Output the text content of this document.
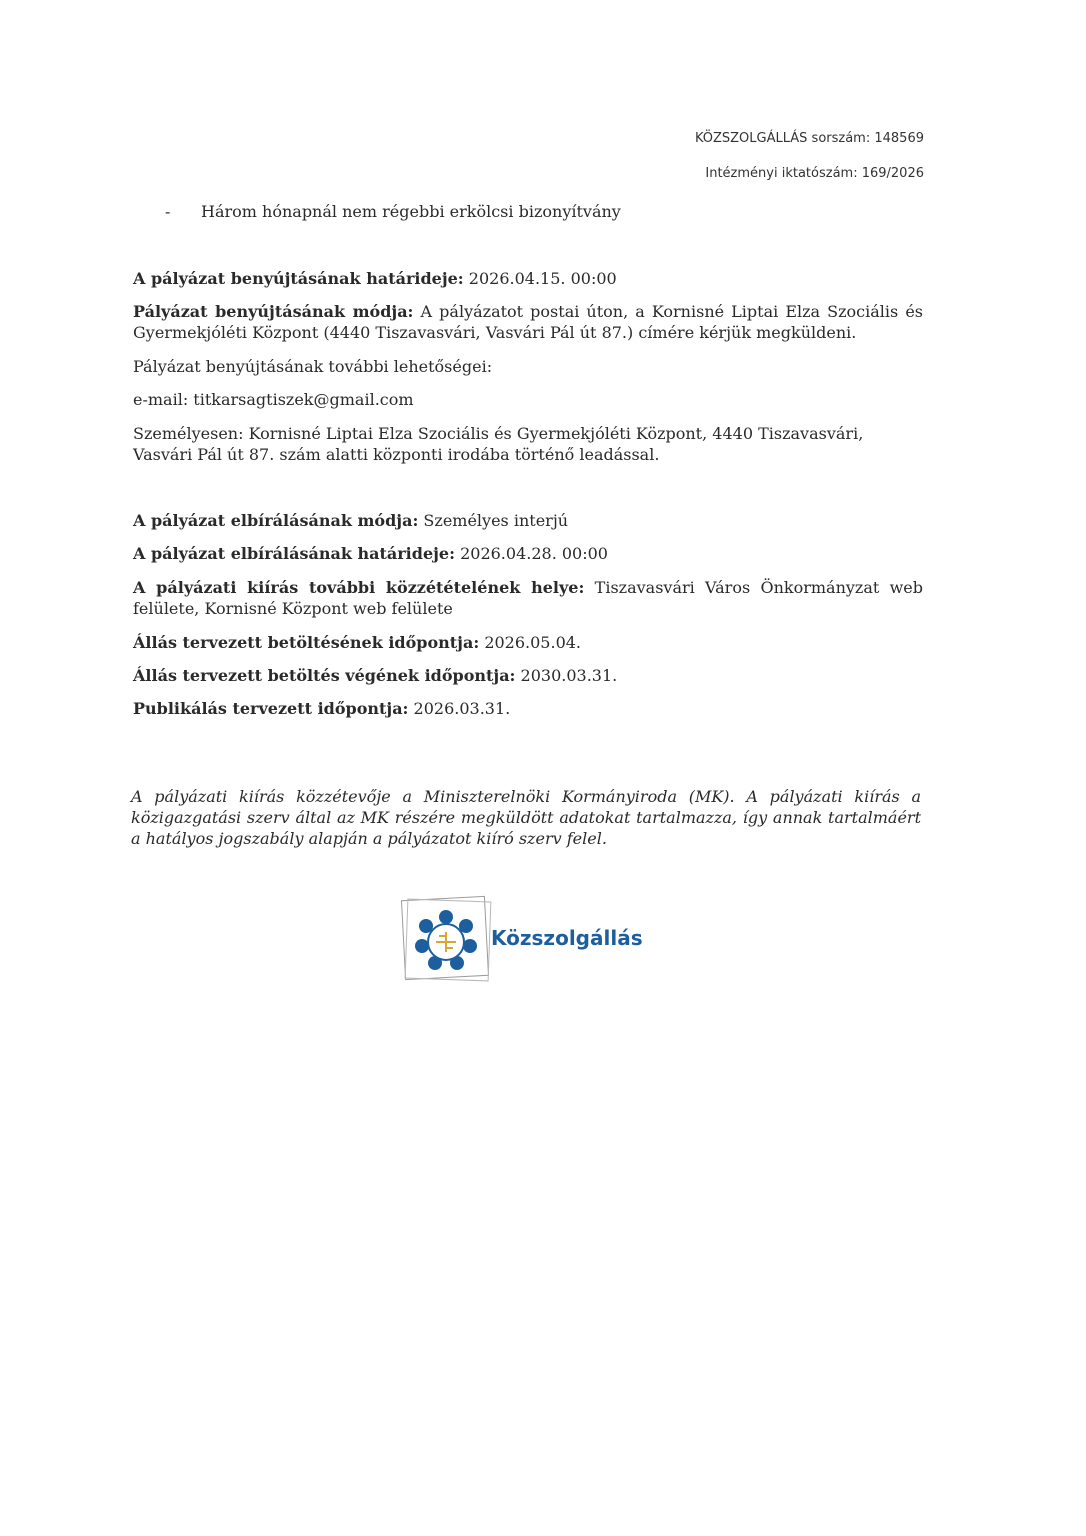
KÖZSZOLGÁLLÁS sorszám: 148569
Intézményi iktatószám: 169/2026
- Három hónapnál nem régebbi erkölcsi bizonyítvány
A pályázat benyújtásának határideje: 2026.04.15. 00:00
Pályázat benyújtásának módja: A pályázatot postai úton, a Kornisné Liptai Elza Szociális és Gyermekjóléti Központ (4440 Tiszavasvári, Vasvári Pál út 87.) címére kérjük megküldeni.
Pályázat benyújtásának további lehetőségei:
e-mail: titkarsagtiszek@gmail.com
Személyesen: Kornisné Liptai Elza Szociális és Gyermekjóléti Központ, 4440 Tiszavasvári, Vasvári Pál út 87. szám alatti központi irodába történő leadással.
A pályázat elbírálásának módja: Személyes interjú
A pályázat elbírálásának határideje: 2026.04.28. 00:00
A pályázati kiírás további közzétételének helye: Tiszavasvári Város Önkormányzat web felülete, Kornisné Központ web felülete
Állás tervezett betöltésének időpontja: 2026.05.04.
Állás tervezett betöltés végének időpontja: 2030.03.31.
Publikálás tervezett időpontja: 2026.03.31.
A pályázati kiírás közzétevője a Miniszterelnöki Kormányiroda (MK). A pályázati kiírás a közigazgatási szerv által az MK részére megküldött adatokat tartalmazza, így annak tartalmáért a hatályos jogszabály alapján a pályázatot kiíró szerv felel.
Közszolgállás
